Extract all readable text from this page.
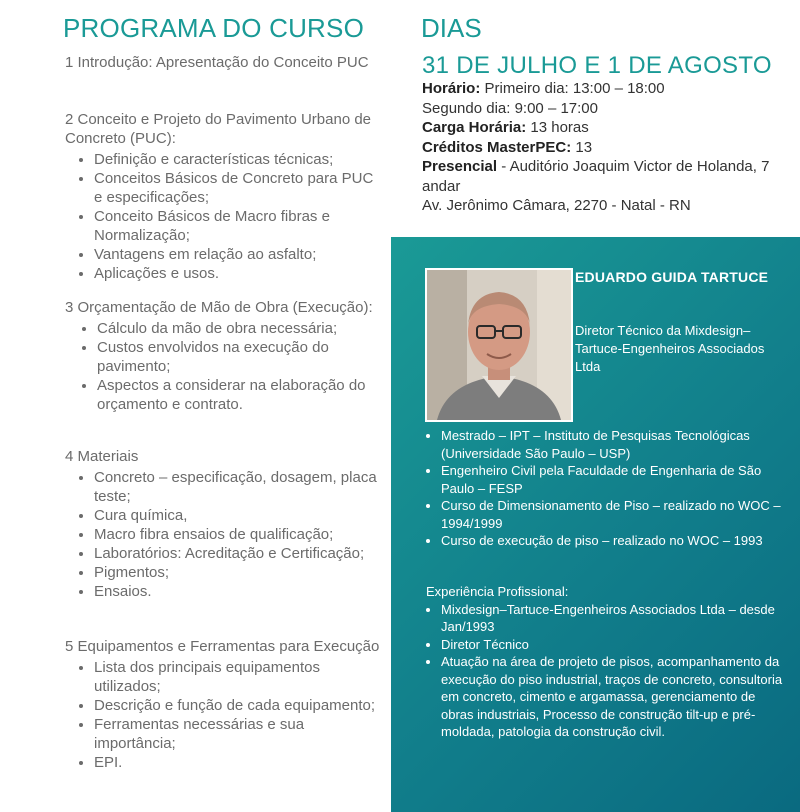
PROGRAMA DO CURSO

1 Introdução: Apresentação do Conceito PUC

2 Conceito e Projeto do Pavimento Urbano de Concreto (PUC):

• Definição e características técnicas;
• Conceitos Básicos de Concreto para PUC e especificações;
• Conceito Básicos de Macro fibras e Normalização;
• Vantagens em relação ao asfalto;
• Aplicações e usos.

3 Orçamentação de Mão de Obra (Execução):

• Cálculo da mão de obra necessária;
• Custos envolvidos na execução do pavimento;
• Aspectos a considerar na elaboração do orçamento e contrato.

4 Materiais

• Concreto – especificação, dosagem, placa teste;
• Cura química,
• Macro fibra ensaios de qualificação;
• Laboratórios: Acreditação e Certificação;
• Pigmentos;
• Ensaios.

5 Equipamentos e Ferramentas para Execução

• Lista dos principais equipamentos utilizados;
• Descrição e função de cada equipamento;
• Ferramentas necessárias e sua importância;
• EPI.
DIAS
31 DE JULHO E 1 DE AGOSTO
Horário: Primeiro dia: 13:00 – 18:00
Segundo dia: 9:00 – 17:00
Carga Horária: 13 horas
Créditos MasterPEC: 13
Presencial - Auditório Joaquim Victor de Holanda, 7 andar
Av. Jerônimo Câmara, 2270 - Natal - RN
EDUARDO GUIDA TARTUCE
Diretor Técnico da Mixdesign–Tartuce-Engenheiros Associados Ltda
• Mestrado – IPT – Instituto de Pesquisas Tecnológicas (Universidade São Paulo – USP)
• Engenheiro Civil pela Faculdade de Engenharia de São Paulo – FESP
• Curso de Dimensionamento de Piso – realizado no WOC – 1994/1999
• Curso de execução de piso – realizado no WOC – 1993

Experiência Profissional:

• Mixdesign–Tartuce-Engenheiros Associados Ltda – desde Jan/1993
• Diretor Técnico
• Atuação na área de projeto de pisos, acompanhamento da execução do piso industrial, traços de concreto, consultoria em concreto, cimento e argamassa, gerenciamento de obras industriais, Processo de construção tilt-up e pré-moldada, patologia da construção civil.
